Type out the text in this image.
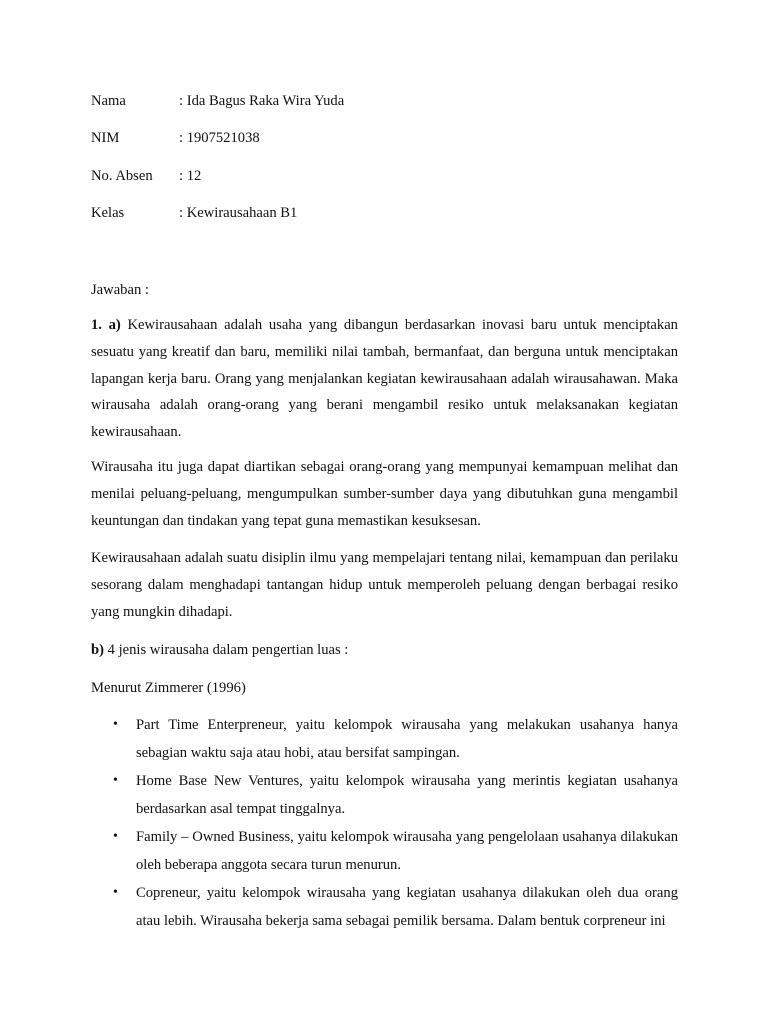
Nama	: Ida Bagus Raka Wira Yuda
NIM	: 1907521038
No. Absen	: 12
Kelas	: Kewirausahaan B1
Jawaban :
1. a) Kewirausahaan adalah usaha yang dibangun berdasarkan inovasi baru untuk menciptakan sesuatu yang kreatif dan baru, memiliki nilai tambah, bermanfaat, dan berguna untuk menciptakan lapangan kerja baru. Orang yang menjalankan kegiatan kewirausahaan adalah wirausahawan. Maka wirausaha adalah orang-orang yang berani mengambil resiko untuk melaksanakan kegiatan kewirausahaan.
Wirausaha itu juga dapat diartikan sebagai orang-orang yang mempunyai kemampuan melihat dan menilai peluang-peluang, mengumpulkan sumber-sumber daya yang dibutuhkan guna mengambil keuntungan dan tindakan yang tepat guna memastikan kesuksesan.
Kewirausahaan adalah suatu disiplin ilmu yang mempelajari tentang nilai, kemampuan dan perilaku sesorang dalam menghadapi tantangan hidup untuk memperoleh peluang dengan berbagai resiko yang mungkin dihadapi.
b) 4 jenis wirausaha dalam pengertian luas :
Menurut Zimmerer (1996)
• Part Time Enterpreneur, yaitu kelompok wirausaha yang melakukan usahanya hanya sebagian waktu saja atau hobi, atau bersifat sampingan.
• Home Base New Ventures, yaitu kelompok wirausaha yang merintis kegiatan usahanya berdasarkan asal tempat tinggalnya.
• Family – Owned Business, yaitu kelompok wirausaha yang pengelolaan usahanya dilakukan oleh beberapa anggota secara turun menurun.
• Copreneur, yaitu kelompok wirausaha yang kegiatan usahanya dilakukan oleh dua orang atau lebih. Wirausaha bekerja sama sebagai pemilik bersama. Dalam bentuk corpreneur ini
